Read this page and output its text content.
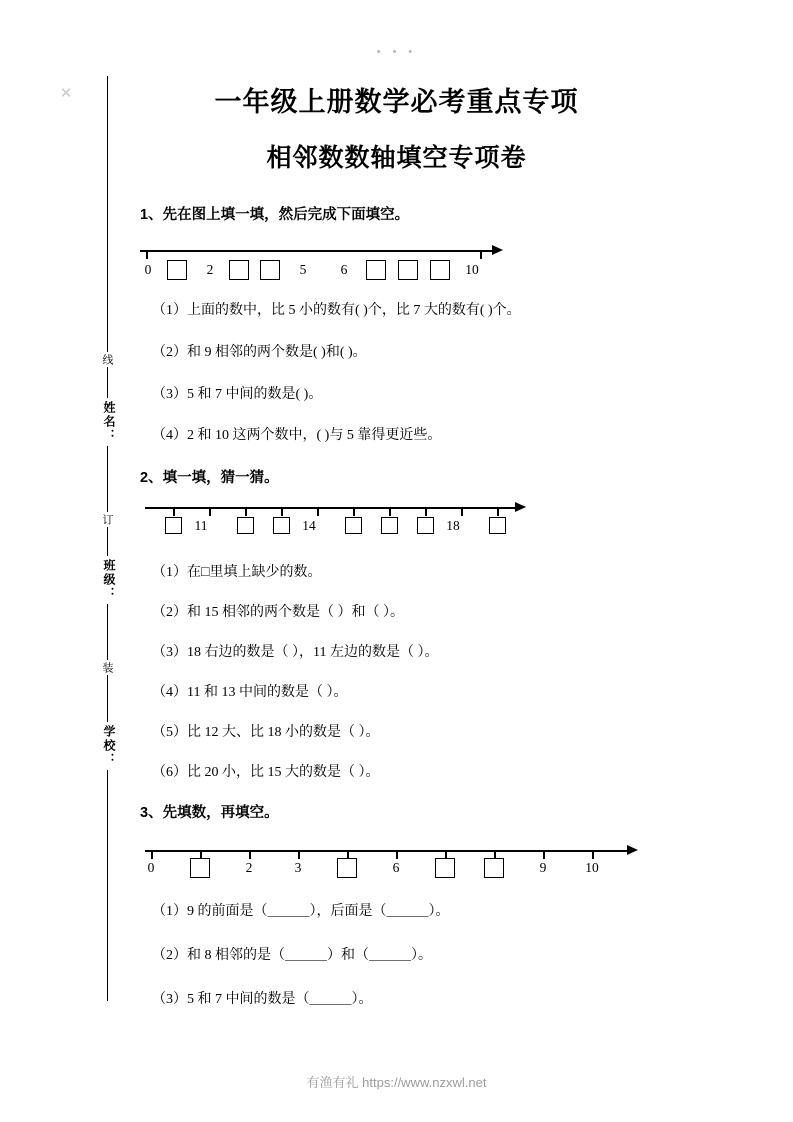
• • •
✕
学校：
装
班级：
订
姓名：
线
一年级上册数学必考重点专项
相邻数数轴填空专项卷
1、先在图上填一填，然后完成下面填空。
0	2	5	6	10
（1）上面的数中，比 5 小的数有( )个，比 7 大的数有( )个。
（2）和 9 相邻的两个数是( )和( )。
（3）5 和 7 中间的数是( )。
（4）2 和 10 这两个数中，( )与 5 靠得更近些。
2、填一填，猜一猜。
11	14	18
（1）在□里填上缺少的数。
（2）和 15 相邻的两个数是（ ）和（ ）。
（3）18 右边的数是（ ），11 左边的数是（ ）。
（4）11 和 13 中间的数是（ ）。
（5）比 12 大、比 18 小的数是（ ）。
（6）比 20 小，比 15 大的数是（ ）。
3、先填数，再填空。
0	2	3	6	9	10
（1）9 的前面是（＿＿＿），后面是（＿＿＿）。
（2）和 8 相邻的是（＿＿＿）和（＿＿＿）。
（3）5 和 7 中间的数是（＿＿＿）。
有渔有礼 https://www.nzxwl.net
